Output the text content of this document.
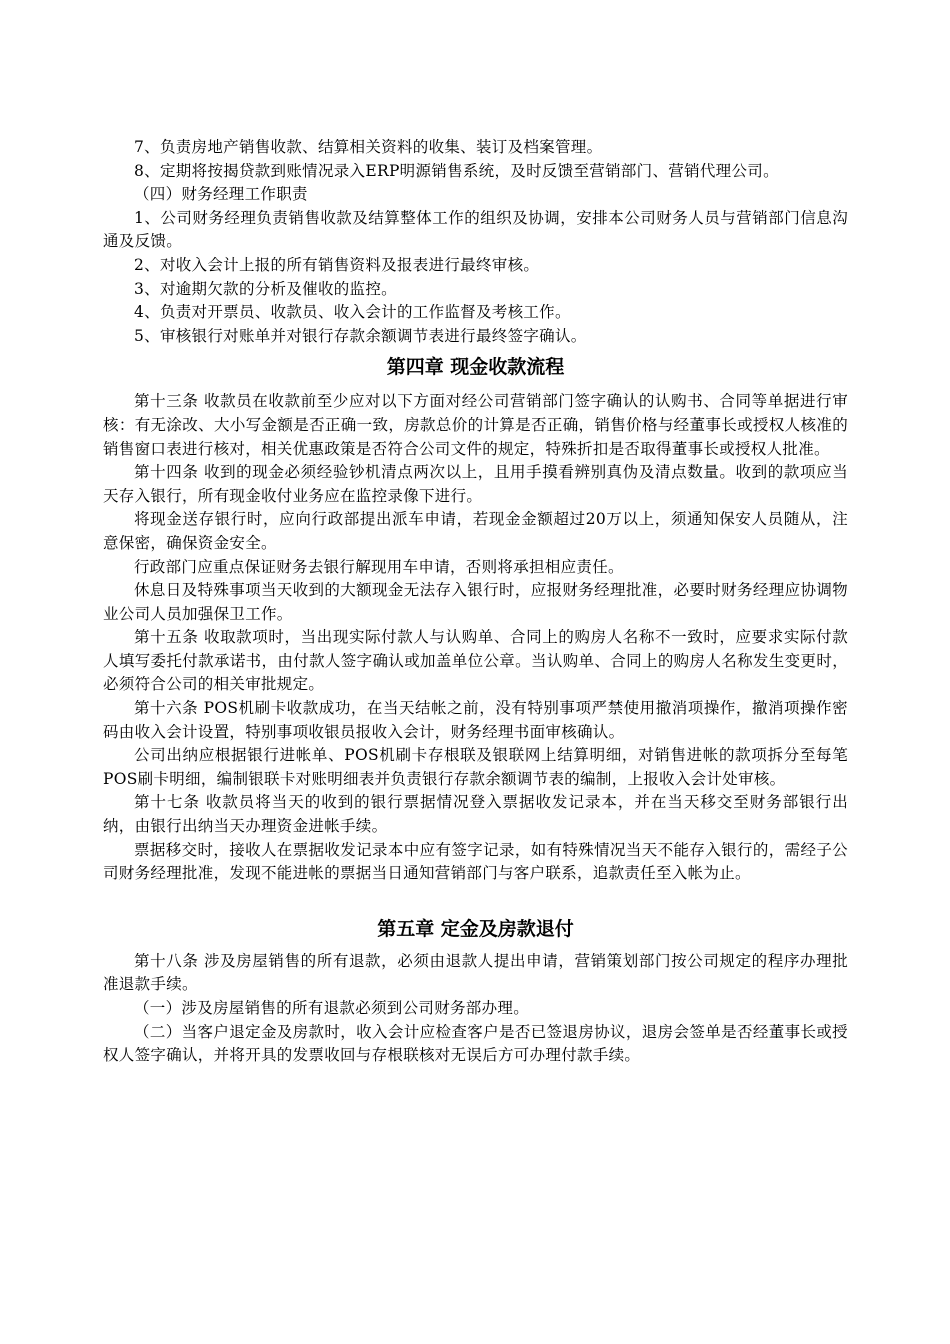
7、负责房地产销售收款、结算相关资料的收集、装订及档案管理。

8、定期将按揭贷款到账情况录入ERP明源销售系统，及时反馈至营销部门、营销代理公司。

（四）财务经理工作职责

1、公司财务经理负责销售收款及结算整体工作的组织及协调，安排本公司财务人员与营销部门信息沟通及反馈。

2、对收入会计上报的所有销售资料及报表进行最终审核。

3、对逾期欠款的分析及催收的监控。

4、负责对开票员、收款员、收入会计的工作监督及考核工作。

5、审核银行对账单并对银行存款余额调节表进行最终签字确认。

第四章 现金收款流程

第十三条 收款员在收款前至少应对以下方面对经公司营销部门签字确认的认购书、合同等单据进行审核：有无涂改、大小写金额是否正确一致，房款总价的计算是否正确，销售价格与经董事长或授权人核准的销售窗口表进行核对，相关优惠政策是否符合公司文件的规定，特殊折扣是否取得董事长或授权人批准。

第十四条 收到的现金必须经验钞机清点两次以上，且用手摸看辨别真伪及清点数量。收到的款项应当天存入银行，所有现金收付业务应在监控录像下进行。

将现金送存银行时，应向行政部提出派车申请，若现金金额超过20万以上，须通知保安人员随从，注意保密，确保资金安全。

行政部门应重点保证财务去银行解现用车申请，否则将承担相应责任。

休息日及特殊事项当天收到的大额现金无法存入银行时，应报财务经理批准，必要时财务经理应协调物业公司人员加强保卫工作。

第十五条 收取款项时，当出现实际付款人与认购单、合同上的购房人名称不一致时，应要求实际付款人填写委托付款承诺书，由付款人签字确认或加盖单位公章。当认购单、合同上的购房人名称发生变更时，必须符合公司的相关审批规定。

第十六条 POS机刷卡收款成功，在当天结帐之前，没有特别事项严禁使用撤消项操作，撤消项操作密码由收入会计设置，特别事项收银员报收入会计，财务经理书面审核确认。

公司出纳应根据银行进帐单、POS机刷卡存根联及银联网上结算明细，对销售进帐的款项拆分至每笔POS刷卡明细，编制银联卡对账明细表并负责银行存款余额调节表的编制，上报收入会计处审核。

第十七条 收款员将当天的收到的银行票据情况登入票据收发记录本，并在当天移交至财务部银行出纳，由银行出纳当天办理资金进帐手续。

票据移交时，接收人在票据收发记录本中应有签字记录，如有特殊情况当天不能存入银行的，需经子公司财务经理批准，发现不能进帐的票据当日通知营销部门与客户联系，追款责任至入帐为止。

第五章 定金及房款退付

第十八条 涉及房屋销售的所有退款，必须由退款人提出申请，营销策划部门按公司规定的程序办理批准退款手续。

（一）涉及房屋销售的所有退款必须到公司财务部办理。

（二）当客户退定金及房款时，收入会计应检查客户是否已签退房协议，退房会签单是否经董事长或授权人签字确认，并将开具的发票收回与存根联核对无误后方可办理付款手续。
